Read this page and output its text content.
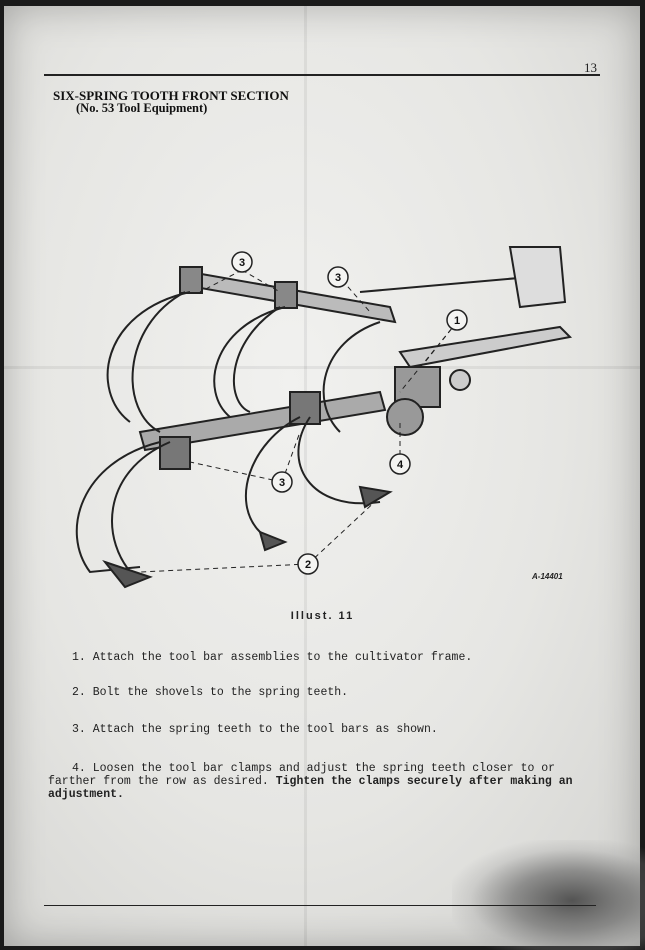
13
SIX-SPRING TOOTH FRONT SECTION
(No. 53 Tool Equipment)
3
3
1
4
3
2
A-14401
Illust. 11
1. Attach the tool bar assemblies to the cultivator frame.
2. Bolt the shovels to the spring teeth.
3. Attach the spring teeth to the tool bars as shown.
4. Loosen the tool bar clamps and adjust the spring teeth closer to or farther from the row as desired. Tighten the clamps securely after making an adjustment.
